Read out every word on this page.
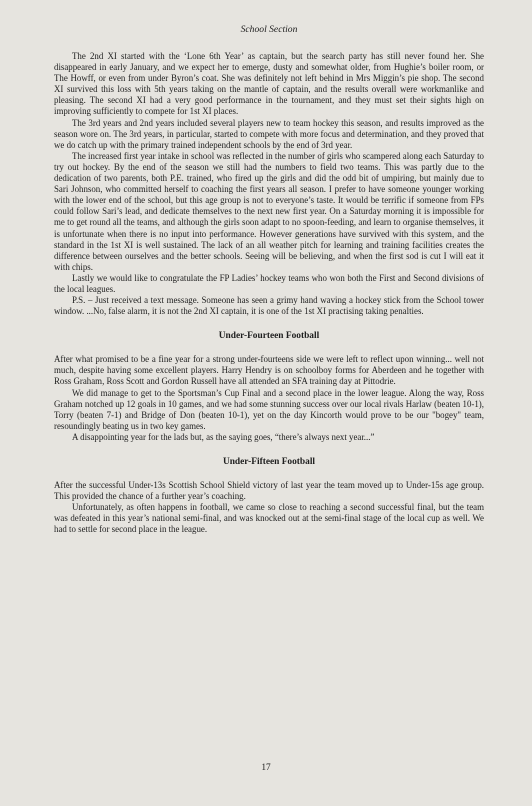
School Section

The 2nd XI started with the ‘Lone 6th Year’ as captain, but the search party has still never found her. She disappeared in early January, and we expect her to emerge, dusty and somewhat older, from Hughie’s boiler room, or The Howff, or even from under Byron’s coat. She was definitely not left behind in Mrs Miggin’s pie shop. The second XI survived this loss with 5th years taking on the mantle of captain, and the results overall were workmanlike and pleasing. The second XI had a very good performance in the tournament, and they must set their sights high on improving sufficiently to compete for 1st XI places.

The 3rd years and 2nd years included several players new to team hockey this season, and results improved as the season wore on. The 3rd years, in particular, started to compete with more focus and determination, and they proved that we do catch up with the primary trained independent schools by the end of 3rd year.

The increased first year intake in school was reflected in the number of girls who scampered along each Saturday to try out hockey. By the end of the season we still had the numbers to field two teams. This was partly due to the dedication of two parents, both P.E. trained, who fired up the girls and did the odd bit of umpiring, but mainly due to Sari Johnson, who committed herself to coaching the first years all season. I prefer to have someone younger working with the lower end of the school, but this age group is not to everyone’s taste. It would be terrific if someone from FPs could follow Sari’s lead, and dedicate themselves to the next new first year. On a Saturday morning it is impossible for me to get round all the teams, and although the girls soon adapt to no spoon-feeding, and learn to organise themselves, it is unfortunate when there is no input into performance. However generations have survived with this system, and the standard in the 1st XI is well sustained. The lack of an all weather pitch for learning and training facilities creates the difference between ourselves and the better schools. Seeing will be believing, and when the first sod is cut I will eat it with chips.

Lastly we would like to congratulate the FP Ladies’ hockey teams who won both the First and Second divisions of the local leagues.

P.S. – Just received a text message. Someone has seen a grimy hand waving a hockey stick from the School tower window. ...No, false alarm, it is not the 2nd XI captain, it is one of the 1st XI practising taking penalties.

Under-Fourteen Football

After what promised to be a fine year for a strong under-fourteens side we were left to reflect upon winning... well not much, despite having some excellent players. Harry Hendry is on schoolboy forms for Aberdeen and he together with Ross Graham, Ross Scott and Gordon Russell have all attended an SFA training day at Pittodrie.

We did manage to get to the Sportsman’s Cup Final and a second place in the lower league. Along the way, Ross Graham notched up 12 goals in 10 games, and we had some stunning success over our local rivals Harlaw (beaten 10-1), Torry (beaten 7-1) and Bridge of Don (beaten 10-1), yet on the day Kincorth would prove to be our "bogey" team, resoundingly beating us in two key games.

A disappointing year for the lads but, as the saying goes, “there’s always next year...”

Under-Fifteen Football

After the successful Under-13s Scottish School Shield victory of last year the team moved up to Under-15s age group. This provided the chance of a further year’s coaching.

Unfortunately, as often happens in football, we came so close to reaching a second successful final, but the team was defeated in this year’s national semi-final, and was knocked out at the semi-final stage of the local cup as well. We had to settle for second place in the league.

17
